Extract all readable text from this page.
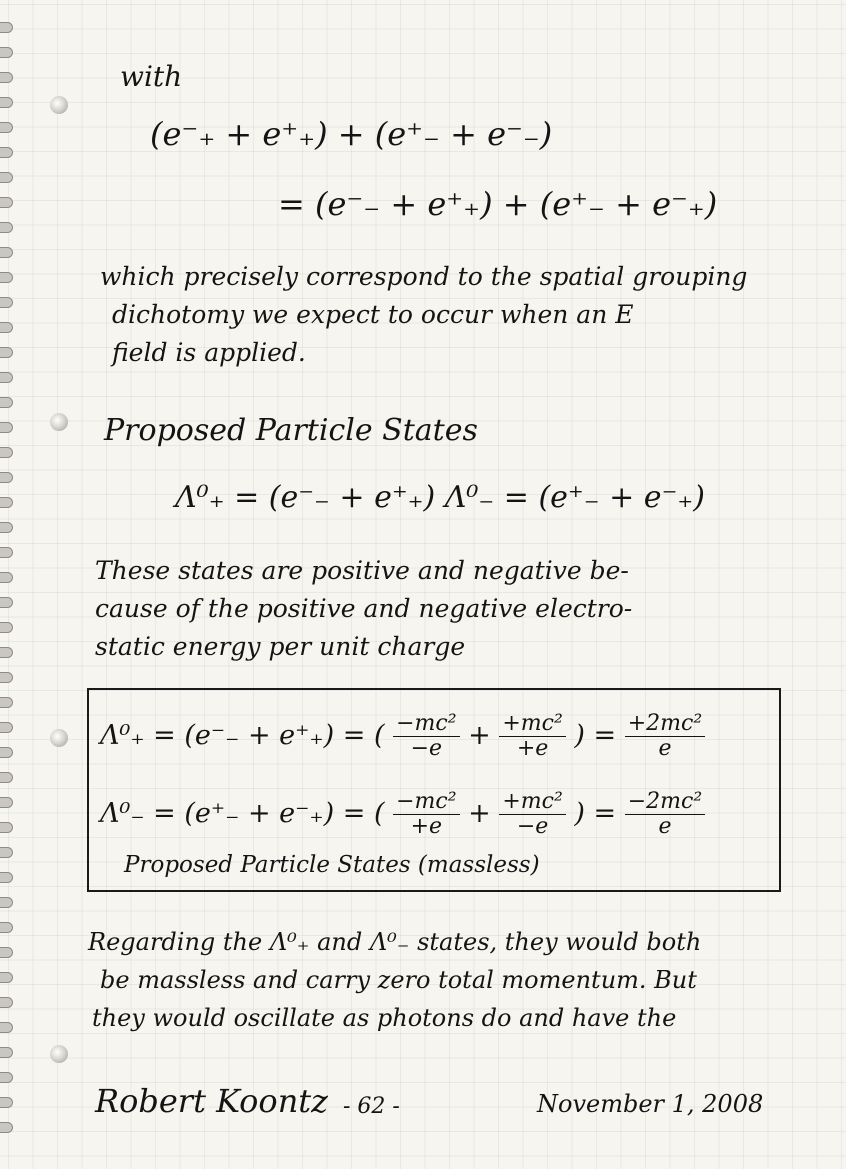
with
(e⁻₊ + e⁺₊) + (e⁺₋ + e⁻₋)
= (e⁻₋ + e⁺₊) + (e⁺₋ + e⁻₊)
which precisely correspond to the spatial grouping
dichotomy we expect to occur when an E
field is applied.
Proposed Particle States
Λ⁰₊ = (e⁻₋ + e⁺₊) Λ⁰₋ = (e⁺₋ + e⁻₊)
These states are positive and negative be-
cause of the positive and negative electro-
static energy per unit charge
Λ⁰₊ = (e⁻₋ + e⁺₊) = ( $\frac{\text{−mc²}}{-e} + \frac{\text{+mc²}}{+e}$ ) = $\frac{\text{+2mc²}}{e}$
Λ⁰₋ = (e⁺₋ + e⁻₊) = ( $\frac{\text{−mc²}}{+e} + \frac{\text{+mc²}}{-e}$ ) = $\frac{\text{−2mc²}}{e}$
Proposed Particle States (massless)
Regarding the Λ⁰₊ and Λ⁰₋ states, they would both
be massless and carry zero total momentum. But
they would oscillate as photons do and have the
Robert Koontz - 62 -	November 1, 2008
